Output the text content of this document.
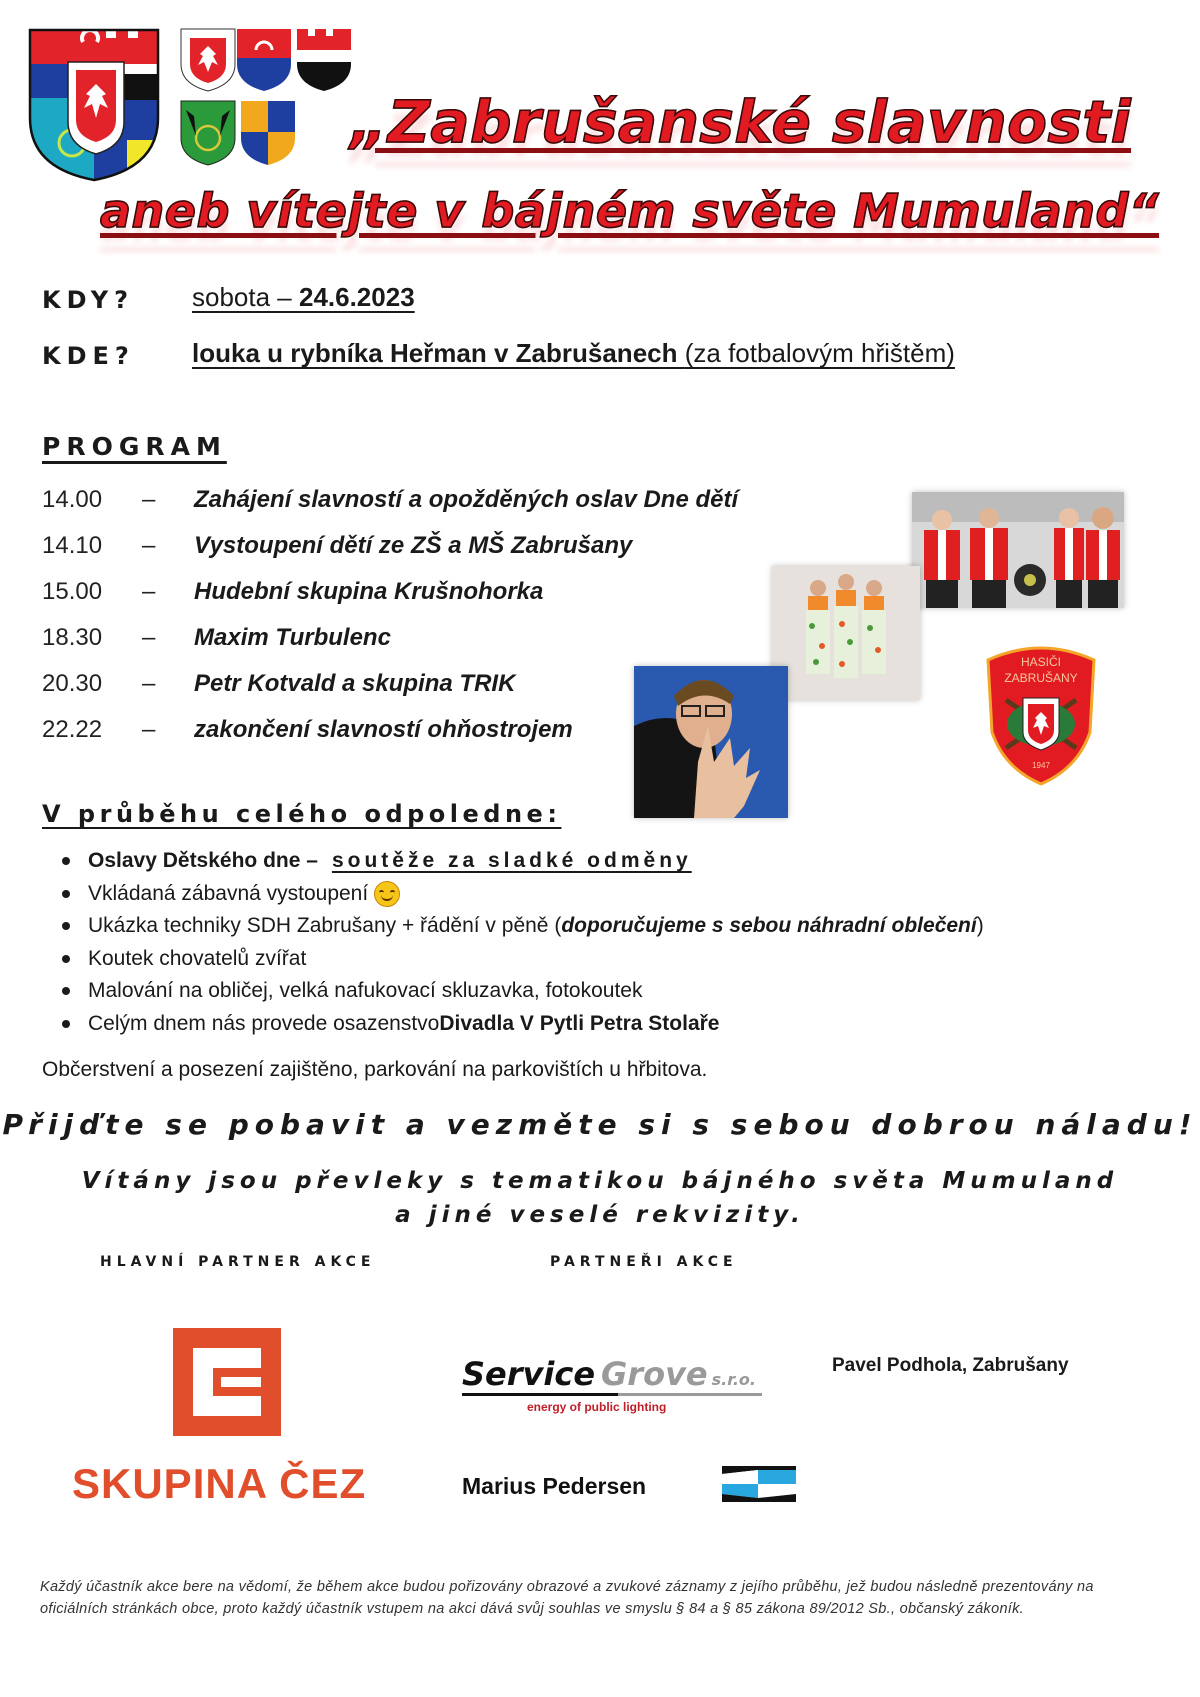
„Zabrušanské slavnosti
aneb vítejte v bájném světe Mumuland“
KDY? sobota – 24.6.2023
KDE? louka u rybníka Heřman v Zabrušanech (za fotbalovým hřištěm)
PROGRAM
14.00	–	Zahájení slavností a opožděných oslav Dne dětí
14.10	–	Vystoupení dětí ze ZŠ a MŠ Zabrušany
15.00	–	Hudební skupina Krušnohorka
18.30	–	Maxim Turbulenc
20.30	–	Petr Kotvald a skupina TRIK
22.22	–	zakončení slavností ohňostrojem
HASIČI
ZABRUŠANY
1947
V průběhu celého odpoledne:
Oslavy Dětského dne – soutěže za sladké odměny
Vkládaná zábavná vystoupení
Ukázka techniky SDH Zabrušany + řádění v pěně ( doporučujeme s sebou náhradní oblečení )
Koutek chovatelů zvířat
Malování na obličej, velká nafukovací skluzavka, fotokoutek
Celým dnem nás provede osazenstvo Divadla V Pytli Petra Stolaře
Občerstvení a posezení zajištěno, parkování na parkovištích u hřbitova.
Přijďte se pobavit a vezměte si s sebou dobrou náladu!
Vítány jsou převleky s tematikou bájného světa Mumuland
a jiné veselé rekvizity.
HLAVNÍ PARTNER AKCE	PARTNEŘI AKCE
SKUPINA ČEZ
Service Grove s.r.o.
energy of public lighting
Pavel Podhola, Zabrušany
Marius Pedersen
Každý účastník akce bere na vědomí, že během akce budou pořizovány obrazové a zvukové záznamy z jejího průběhu, jež budou následně prezentovány na oficiálních stránkách obce, proto každý účastník vstupem na akci dává svůj souhlas ve smyslu § 84 a § 85 zákona 89/2012 Sb., občanský zákoník.
